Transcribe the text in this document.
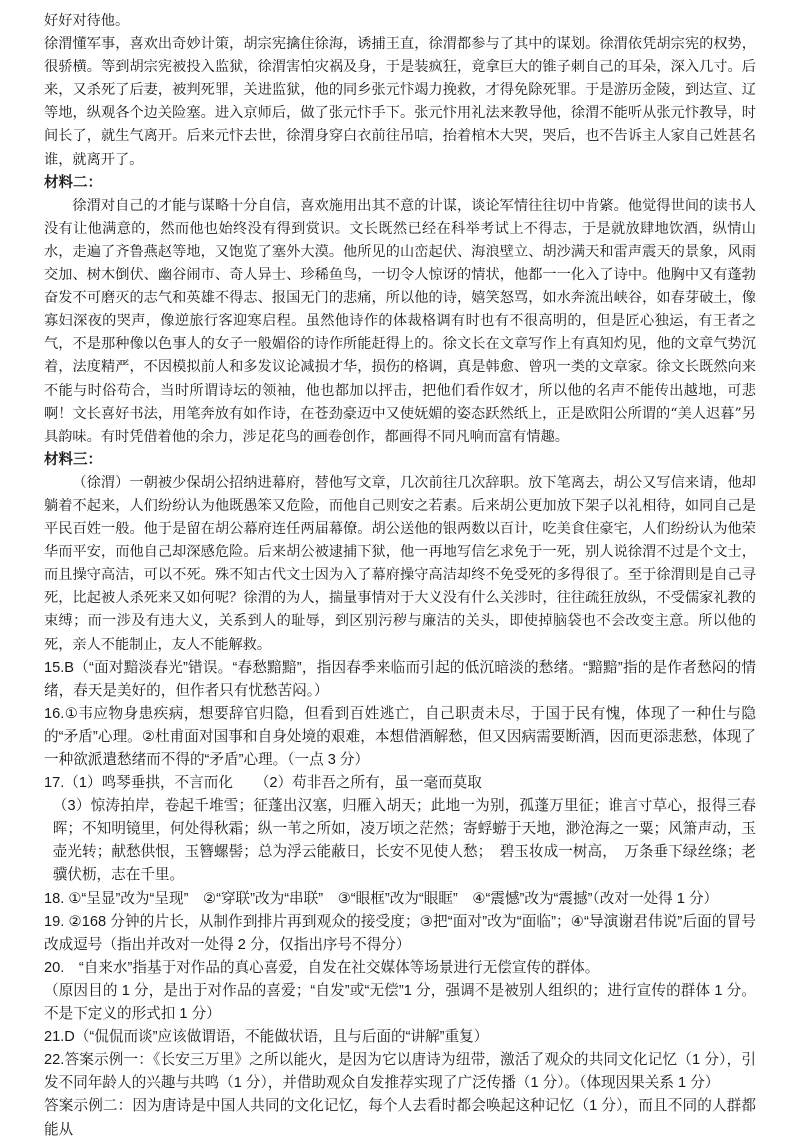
好好对待他。

徐渭懂军事，喜欢出奇妙计策，胡宗宪擒住徐海，诱捕王直，徐渭都参与了其中的谋划。徐渭依凭胡宗宪的权势，很骄横。等到胡宗宪被投入监狱，徐渭害怕灾祸及身，于是装疯狂，竟拿巨大的锥子刺自己的耳朵，深入几寸。后来，又杀死了后妻，被判死罪，关进监狱，他的同乡张元忭竭力挽救，才得免除死罪。于是游历金陵，到达宣、辽等地，纵观各个边关险塞。进入京师后，做了张元忭手下。张元忭用礼法来教导他，徐渭不能听从张元忭教导，时间长了，就生气离开。后来元忭去世，徐渭身穿白衣前往吊唁，抬着棺木大哭，哭后，也不告诉主人家自己姓甚名谁，就离开了。

材料二：

徐渭对自己的才能与谋略十分自信，喜欢施用出其不意的计谋，谈论军情往往切中肯綮。他觉得世间的读书人没有让他满意的，然而他也始终没有得到赏识。文长既然已经在科举考试上不得志，于是就放肆地饮酒，纵情山水，走遍了齐鲁燕赵等地，又饱览了塞外大漠。他所见的山峦起伏、海浪壁立、胡沙满天和雷声震天的景象，风雨交加、树木倒伏、幽谷闹市、奇人异士、珍稀鱼鸟，一切令人惊讶的情状，他都一一化入了诗中。他胸中又有蓬勃奋发不可磨灭的志气和英雄不得志、报国无门的悲痛，所以他的诗，嬉笑怒骂，如水奔流出峡谷，如春芽破土，像寡妇深夜的哭声，像逆旅行客迎寒启程。虽然他诗作的体裁格调有时也有不很高明的，但是匠心独运，有王者之气，不是那种像以色事人的女子一般媚俗的诗作所能赶得上的。徐文长在文章写作上有真知灼见，他的文章气势沉着，法度精严，不因模拟前人和多发议论减损才华，损伤的格调，真是韩愈、曾巩一类的文章家。徐文长既然向来不能与时俗苟合，当时所谓诗坛的领袖，他也都加以抨击，把他们看作奴才，所以他的名声不能传出越地，可悲啊！文长喜好书法，用笔奔放有如作诗，在苍劲豪迈中又使妩媚的姿态跃然纸上，正是欧阳公所谓的“美人迟暮”另具韵味。有时凭借着他的余力，涉足花鸟的画卷创作，都画得不同凡响而富有情趣。

材料三：

（徐渭）一朝被少保胡公招纳进幕府，替他写文章，几次前往几次辞职。放下笔离去，胡公又写信来请，他却躺着不起来，人们纷纷认为他既愚笨又危险，而他自己则安之若素。后来胡公更加放下架子以礼相待，如同自己是平民百姓一般。他于是留在胡公幕府连任两届幕僚。胡公送他的银两数以百计，吃美食住豪宅，人们纷纷认为他荣华而平安，而他自己却深感危险。后来胡公被逮捕下狱，他一再地写信乞求免于一死，别人说徐渭不过是个文士，而且操守高洁，可以不死。殊不知古代文士因为入了幕府操守高洁却终不免受死的多得很了。至于徐渭則是自己寻死，比起被人杀死来又如何呢？徐渭的为人，揣量事情对于大义没有什么关涉时，往往疏狂放纵，不受儒家礼教的束缚；而一涉及有违大义，关系到人的耻辱，到区别污秽与廉洁的关头，即使掉脑袋也不会改变主意。所以他的死，亲人不能制止，友人不能解救。

15.B（“面对黯淡春光”错误。“春愁黯黯”，指因春季来临而引起的低沉暗淡的愁绪。“黯黯”指的是作者愁闷的情绪，春天是美好的，但作者只有忧愁苦闷。）

16.①韦应物身患疾病，想要辞官归隐，但看到百姓逃亡，自己职责未尽，于国于民有愧，体现了一种仕与隐的“矛盾”心理。②杜甫面对国事和自身处境的艰难，本想借酒解愁，但又因病需要断酒，因而更添悲愁，体现了一种欲派遣愁绪而不得的“矛盾”心理。（一点 3 分）

17.（1）鸣琴垂拱，不言而化　　（2）苟非吾之所有，虽一毫而莫取

（3）惊涛拍岸，卷起千堆雪；征蓬出汉塞，归雁入胡天；此地一为别，孤蓬万里征；谁言寸草心，报得三春晖；不知明镜里，何处得秋霜；纵一苇之所如，凌万顷之茫然；寄蜉蝣于天地，渺沧海之一粟；风箫声动，玉壶光转；献愁供恨，玉簪螺髻；总为浮云能蔽日，长安不见使人愁；　碧玉妆成一树高，　万条垂下绿丝绦；老骥伏枥，志在千里。

18. ①“呈显”改为“呈现”　②“穿联”改为“串联”　③“眼框”改为“眼眶”　④“震憾”改为“震撼”（改对一处得 1 分）

19. ②168 分钟的片长，从制作到排片再到观众的接受度；③把“面对”改为“面临”；④“导演谢君伟说”后面的冒号改成逗号（指出并改对一处得 2 分，仅指出序号不得分）

20.　“自来水”指基于对作品的真心喜爱，自发在社交媒体等场景进行无偿宣传的群体。

（原因目的 1 分，是出于对作品的喜爱；“自发”或“无偿”1 分，强调不是被别人组织的；进行宣传的群体 1 分。不是下定义的形式扣 1 分）

21.D（“侃侃而谈”应该做谓语，不能做状语，且与后面的“讲解”重复）

22.答案示例一：《长安三万里》之所以能火，是因为它以唐诗为纽带，激活了观众的共同文化记忆（1 分），引发不同年龄人的兴趣与共鸣（1 分），并借助观众自发推荐实现了广泛传播（1 分）。（体现因果关系 1 分）

答案示例二：因为唐诗是中国人共同的文化记忆，每个人去看时都会唤起这种记忆（1 分），而且不同的人群都能从
